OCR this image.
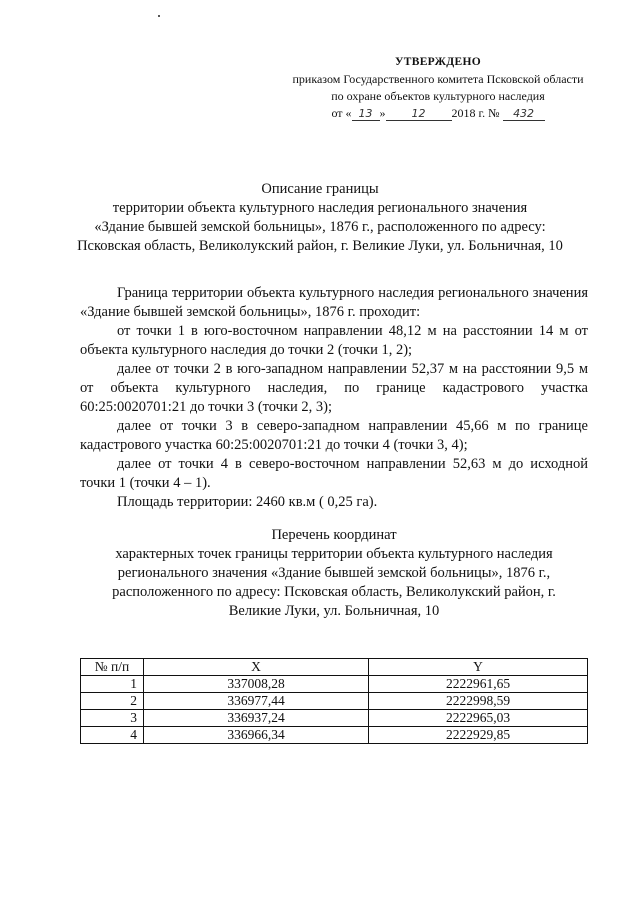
УТВЕРЖДЕНО
приказом Государственного комитета Псковской области
по охране объектов культурного наследия
от « 13 » 12 2018 г. № 432
Описание границы
территории объекта культурного наследия регионального значения
«Здание бывшей земской больницы», 1876 г., расположенного по адресу:
Псковская область, Великолукский район, г. Великие Луки, ул. Больничная, 10

Граница территории объекта культурного наследия регионального значения «Здание бывшей земской больницы», 1876 г. проходит:

от точки 1 в юго-восточном направлении 48,12 м на расстоянии 14 м от объекта культурного наследия до точки 2 (точки 1, 2);

далее от точки 2 в юго-западном направлении 52,37 м на расстоянии 9,5 м от объекта культурного наследия, по границе кадастрового участка 60:25:0020701:21 до точки 3 (точки 2, 3);

далее от точки 3 в северо-западном направлении 45,66 м по границе кадастрового участка 60:25:0020701:21 до точки 4 (точки 3, 4);

далее от точки 4 в северо-восточном направлении 52,63 м до исходной точки 1 (точки 4 – 1).

Площадь территории: 2460 кв.м ( 0,25 га).

Перечень координат
характерных точек границы территории объекта культурного наследия
регионального значения «Здание бывшей земской больницы», 1876 г.,
расположенного по адресу: Псковская область, Великолукский район, г.
Великие Луки, ул. Больничная, 10
№ п/п	X	Y
1	337008,28	2222961,65
2	336977,44	2222998,59
3	336937,24	2222965,03
4	336966,34	2222929,85
